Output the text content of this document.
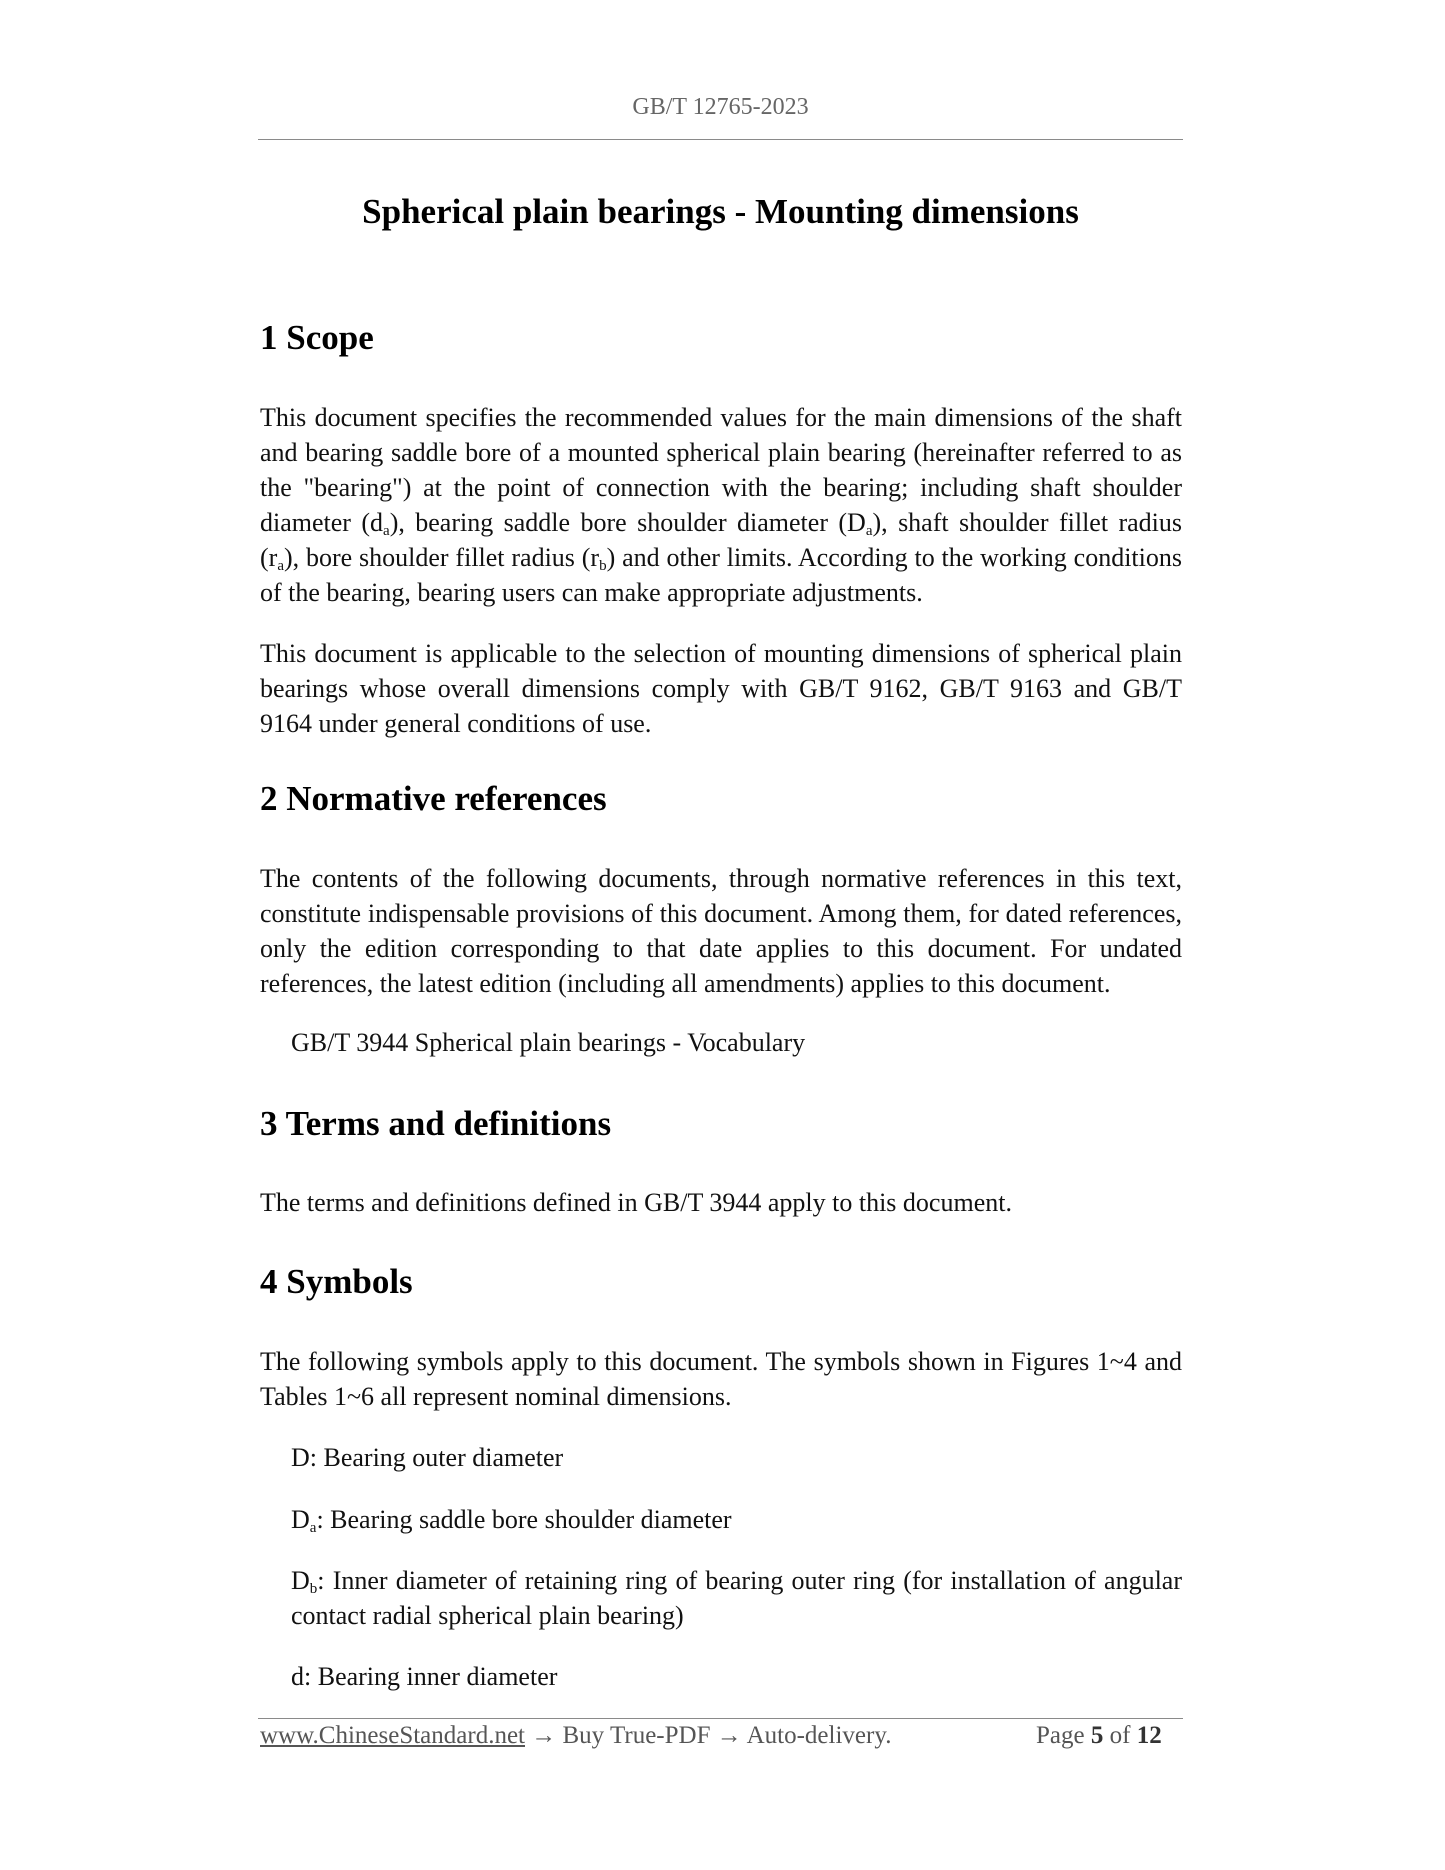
GB/T 12765-2023
Spherical plain bearings - Mounting dimensions
1 Scope

This document specifies the recommended values for the main dimensions of the shaft and bearing saddle bore of a mounted spherical plain bearing (hereinafter referred to as the "bearing") at the point of connection with the bearing; including shaft shoulder diameter $(d_a)$, bearing saddle bore shoulder diameter $(D_a)$, shaft shoulder fillet radius $(r_a)$, bore shoulder fillet radius $(r_b)$ and other limits. According to the working conditions of the bearing, bearing users can make appropriate adjustments.

This document is applicable to the selection of mounting dimensions of spherical plain bearings whose overall dimensions comply with GB/T 9162, GB/T 9163 and GB/T 9164 under general conditions of use.

2 Normative references

The contents of the following documents, through normative references in this text, constitute indispensable provisions of this document. Among them, for dated references, only the edition corresponding to that date applies to this document. For undated references, the latest edition (including all amendments) applies to this document.

GB/T 3944 Spherical plain bearings - Vocabulary

3 Terms and definitions

The terms and definitions defined in GB/T 3944 apply to this document.

4 Symbols

The following symbols apply to this document. The symbols shown in Figures 1~4 and Tables 1~6 all represent nominal dimensions.

D: Bearing outer diameter

$D_a$: Bearing saddle bore shoulder diameter

$D_b$: Inner diameter of retaining ring of bearing outer ring (for installation of angular contact radial spherical plain bearing)

d: Bearing inner diameter

www.ChineseStandard.net → Buy True-PDF → Auto-delivery.	Page 5 of 12
